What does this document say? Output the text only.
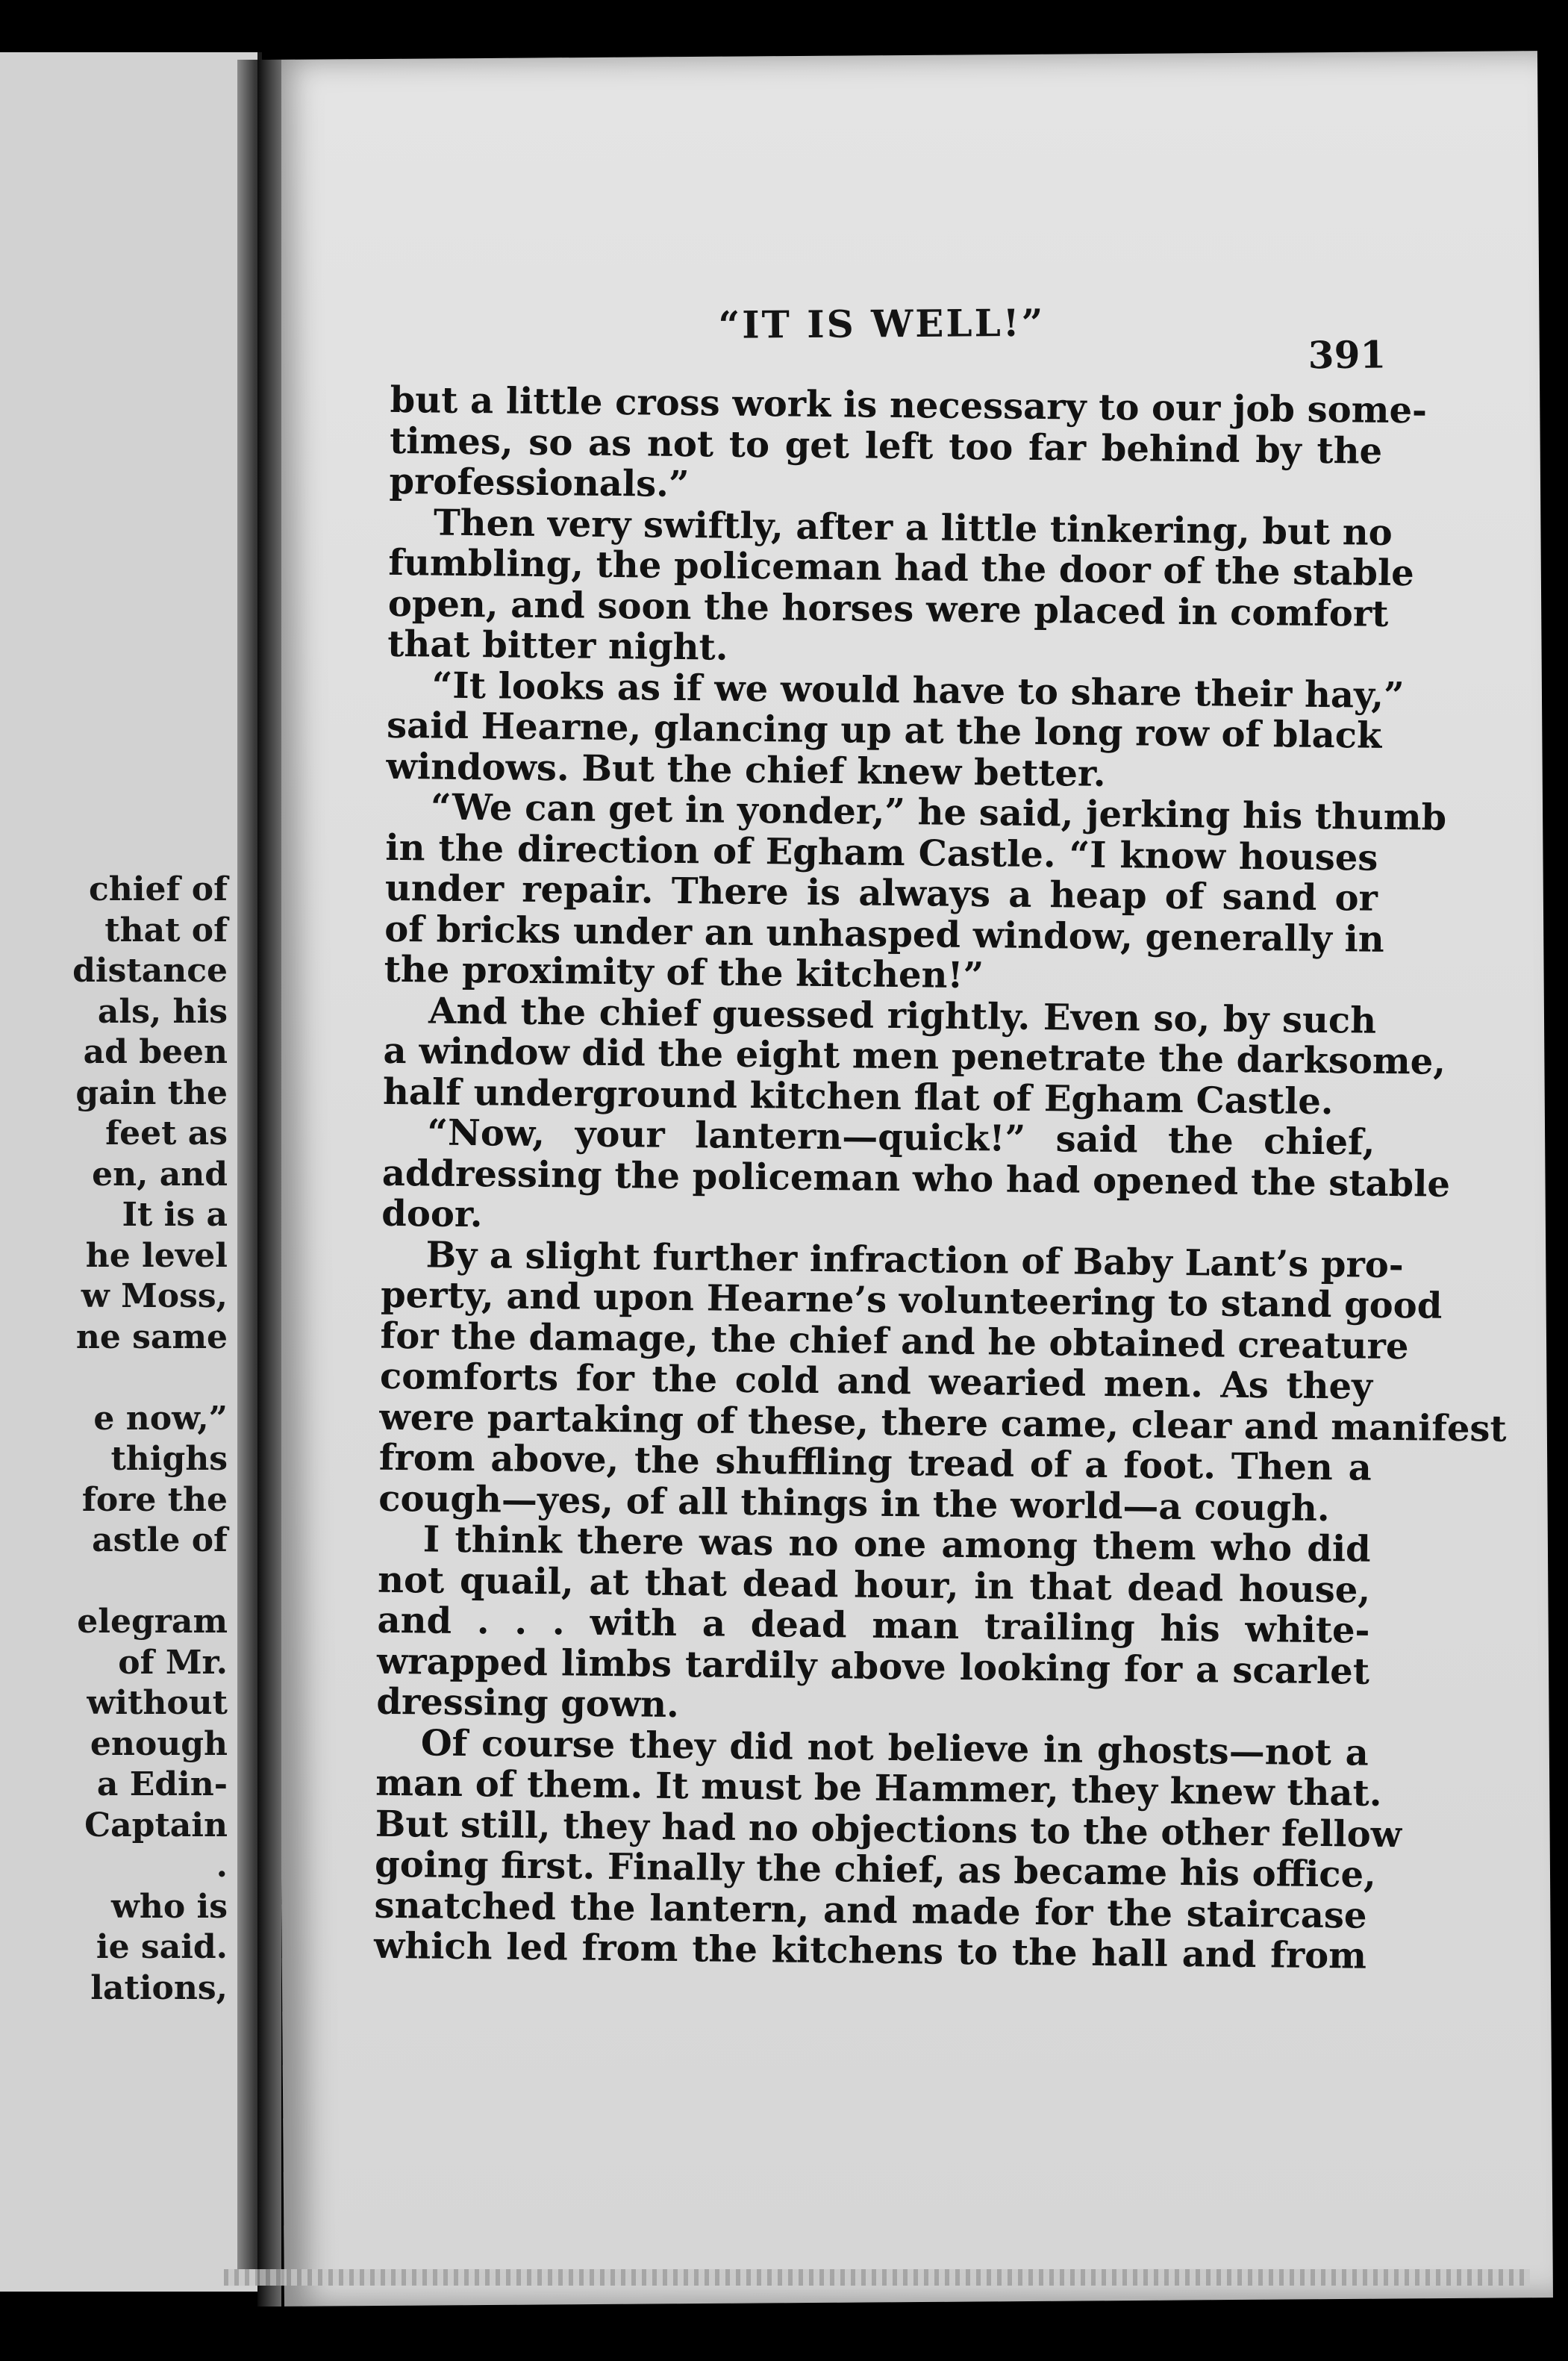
chief of
that of
distance
als, his
ad been
gain the
feet as
en, and
It is a
he level
w Moss,
ne same
e now,”
thighs
fore the
astle of
elegram
of Mr.
without
enough
a Edin-
Captain
.
who is
ie said.
lations,
“IT IS WELL!”
391
but a little cross work is necessary to our job some-
times, so as not to get left too far behind by the
professionals.”
Then very swiftly, after a little tinkering, but no
fumbling, the policeman had the door of the stable
open, and soon the horses were placed in comfort
that bitter night.
“It looks as if we would have to share their hay,”
said Hearne, glancing up at the long row of black
windows. But the chief knew better.
“We can get in yonder,” he said, jerking his thumb
in the direction of Egham Castle. “I know houses
under repair. There is always a heap of sand or
of bricks under an unhasped window, generally in
the proximity of the kitchen!”
And the chief guessed rightly. Even so, by such
a window did the eight men penetrate the darksome,
half underground kitchen flat of Egham Castle.
“Now, your lantern—quick!” said the chief,
addressing the policeman who had opened the stable
door.
By a slight further infraction of Baby Lant’s pro-
perty, and upon Hearne’s volunteering to stand good
for the damage, the chief and he obtained creature
comforts for the cold and wearied men. As they
were partaking of these, there came, clear and manifest
from above, the shuffling tread of a foot. Then a
cough—yes, of all things in the world—a cough.
I think there was no one among them who did
not quail, at that dead hour, in that dead house,
and . . . with a dead man trailing his white-
wrapped limbs tardily above looking for a scarlet
dressing gown.
Of course they did not believe in ghosts—not a
man of them. It must be Hammer, they knew that.
But still, they had no objections to the other fellow
going first. Finally the chief, as became his office,
snatched the lantern, and made for the staircase
which led from the kitchens to the hall and from
